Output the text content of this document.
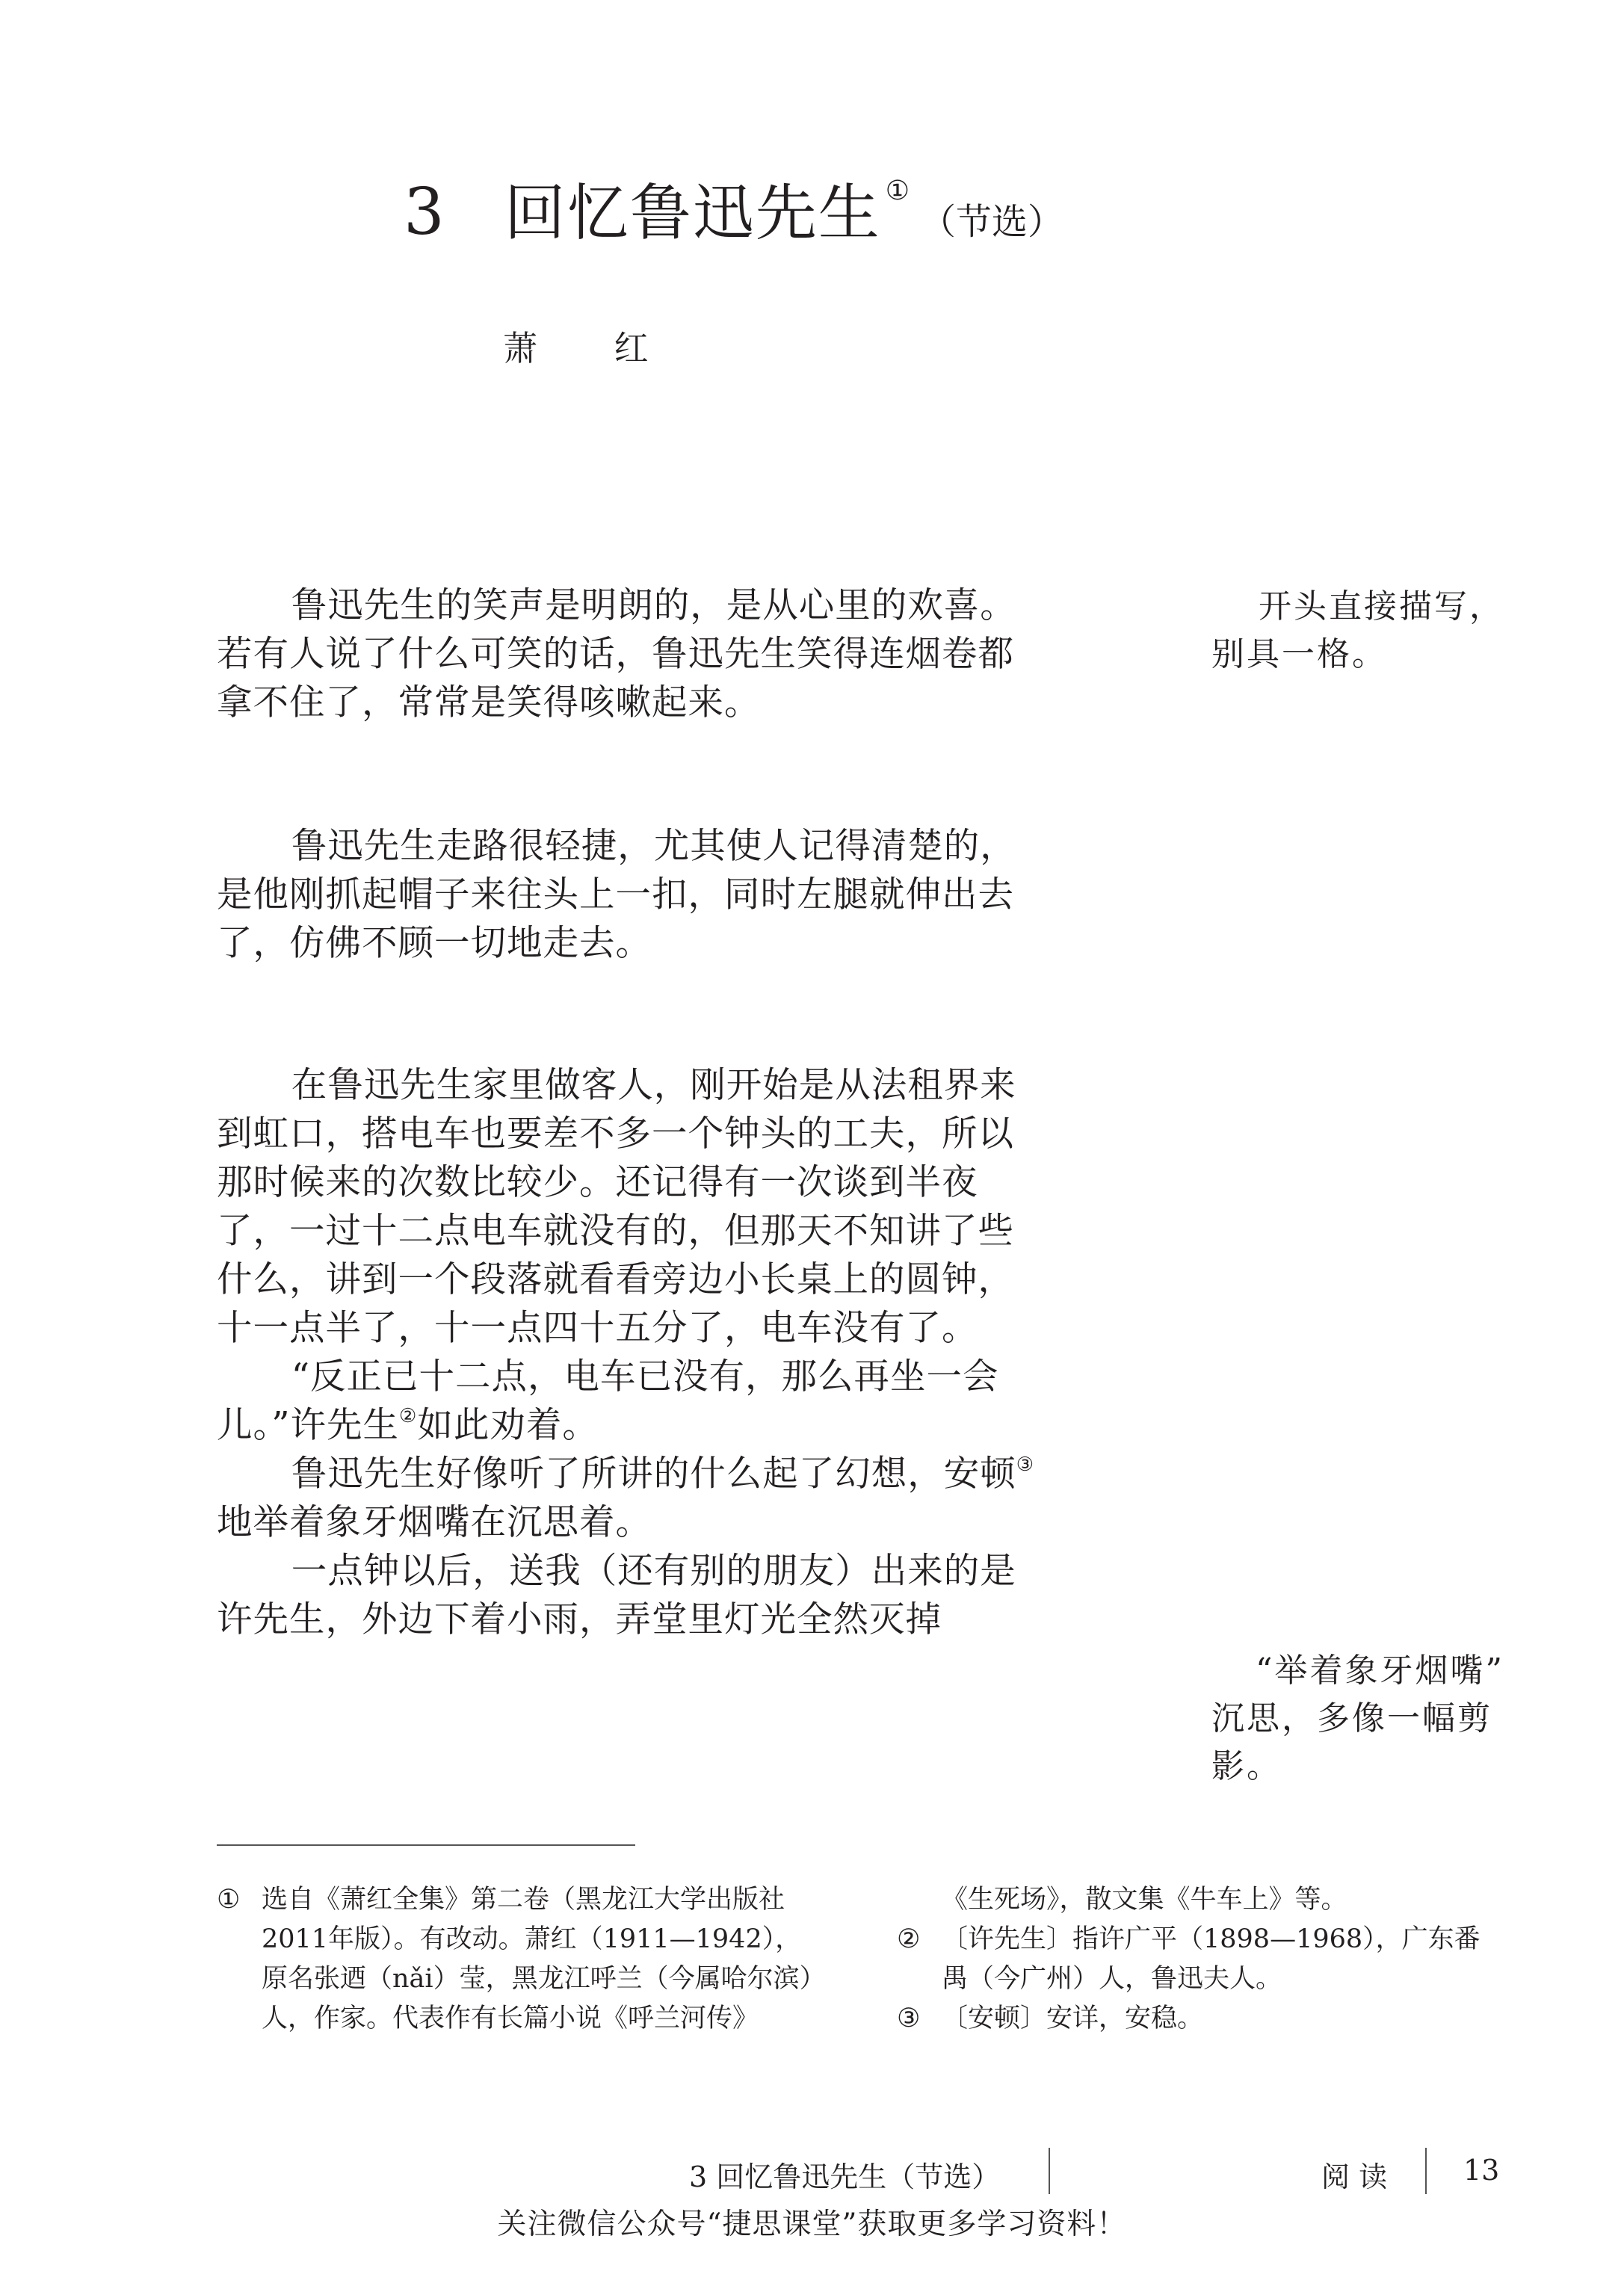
3 回忆鲁迅先生 ①
（节选）
萧 红

鲁迅先生的笑声是明朗的，是从心里的欢喜。若有人说了什么可笑的话，鲁迅先生笑得连烟卷都拿不住了，常常是笑得咳嗽起来。

鲁迅先生走路很轻捷，尤其使人记得清楚的，是他刚抓起帽子来往头上一扣，同时左腿就伸出去了，仿佛不顾一切地走去。

在鲁迅先生家里做客人，刚开始是从法租界来到虹口，搭电车也要差不多一个钟头的工夫，所以那时候来的次数比较少。还记得有一次谈到半夜了，一过十二点电车就没有的，但那天不知讲了些什么，讲到一个段落就看看旁边小长桌上的圆钟，十一点半了，十一点四十五分了，电车没有了。

“反正已十二点，电车已没有，那么再坐一会儿。”许先生②如此劝着。

鲁迅先生好像听了所讲的什么起了幻想，安顿③地举着象牙烟嘴在沉思着。

一点钟以后，送我（还有别的朋友）出来的是许先生，外边下着小雨，弄堂里灯光全然灭掉

开头直接描写，
别具一格。
“举着象牙烟嘴”
沉思，多像一幅剪影。
① 选自《萧红全集》第二卷（黑龙江大学出版社2011年版）。有改动。萧红（1911—1942），原名张迺（nǎi）莹，黑龙江呼兰（今属哈尔滨）人，作家。代表作有长篇小说《呼兰河传》
《生死场》，散文集《牛车上》等。
② 〔许先生〕指许广平（1898—1968），广东番禺（今广州）人，鲁迅夫人。
③ 〔安顿〕安详，安稳。
3 回忆鲁迅先生（节选）	阅 读	13
关注微信公众号“捷思课堂”获取更多学习资料！
